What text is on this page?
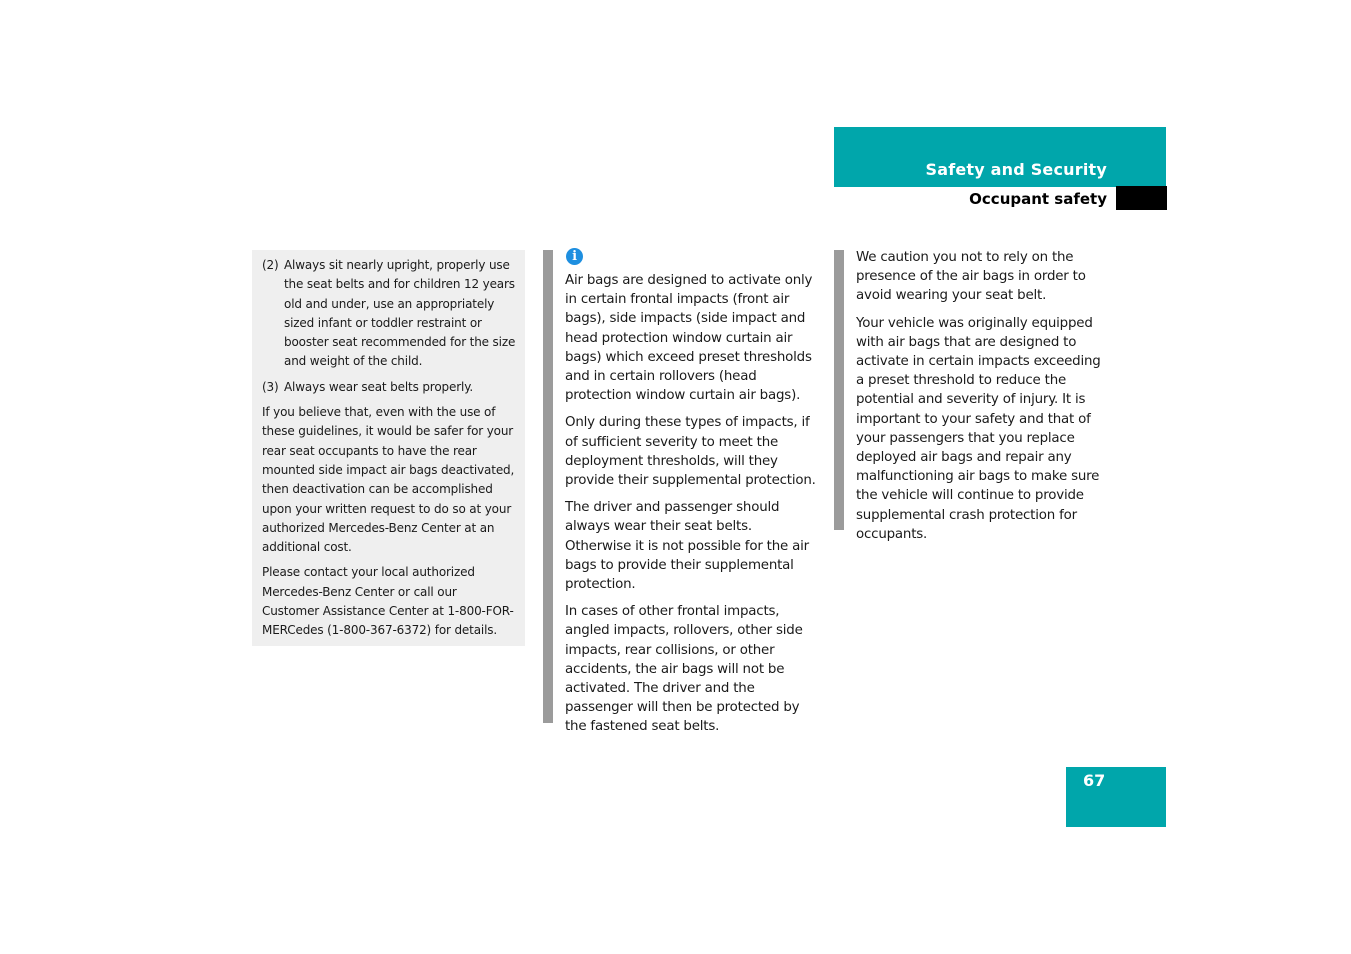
Safety and Security
Occupant safety
(2) Always sit nearly upright, properly use the seat belts and for children 12 years old and under, use an appropriately sized infant or toddler restraint or booster seat recommended for the size and weight of the child.
(3) Always wear seat belts properly.

If you believe that, even with the use of these guidelines, it would be safer for your rear seat occupants to have the rear mounted side impact air bags deactivated, then deactivation can be accomplished upon your written request to do so at your authorized Mercedes-Benz Center at an additional cost.

Please contact your local authorized Mercedes-Benz Center or call our Customer Assistance Center at 1-800-FOR-MERCedes (1-800-367-6372) for details.

i

Air bags are designed to activate only in certain frontal impacts (front air bags), side impacts (side impact and head protection window curtain air bags) which exceed preset thresholds and in certain rollovers (head protection window curtain air bags).

Only during these types of impacts, if of sufficient severity to meet the deployment thresholds, will they provide their supplemental protection.

The driver and passenger should always wear their seat belts. Otherwise it is not possible for the air bags to provide their supplemental protection.

In cases of other frontal impacts, angled impacts, rollovers, other side impacts, rear collisions, or other accidents, the air bags will not be activated. The driver and the passenger will then be protected by the fastened seat belts.

We caution you not to rely on the presence of the air bags in order to avoid wearing your seat belt.

Your vehicle was originally equipped with air bags that are designed to activate in certain impacts exceeding a preset threshold to reduce the potential and severity of injury. It is important to your safety and that of your passengers that you replace deployed air bags and repair any malfunctioning air bags to make sure the vehicle will continue to provide supplemental crash protection for occupants.

67
